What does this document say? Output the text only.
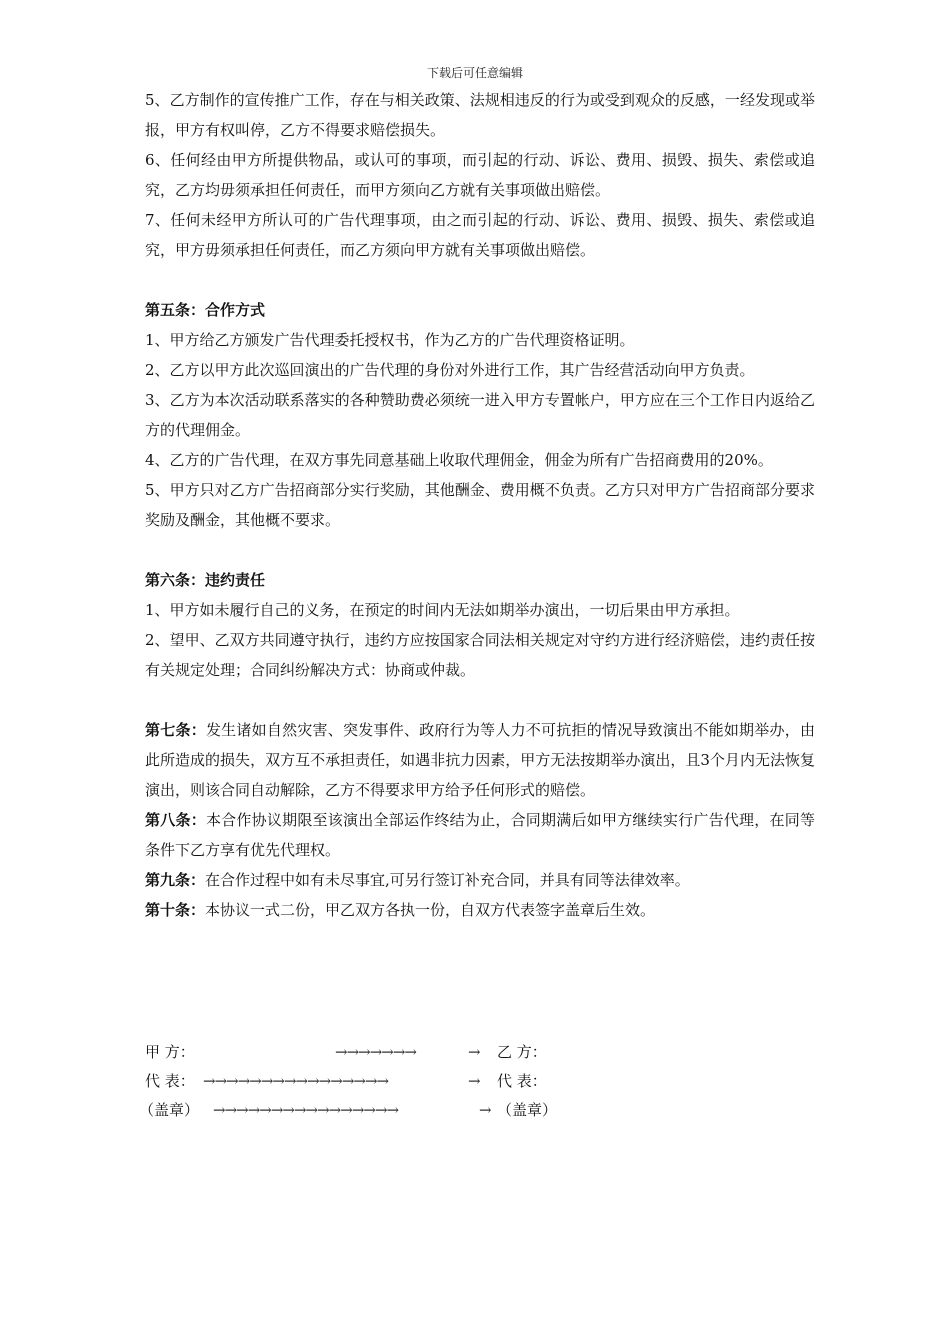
下载后可任意编辑

5、乙方制作的宣传推广工作，存在与相关政策、法规相违反的行为或受到观众的反感，一经发现或举报，甲方有权叫停，乙方不得要求赔偿损失。

6、任何经由甲方所提供物品，或认可的事项，而引起的行动、诉讼、费用、损毁、损失、索偿或追究，乙方均毋须承担任何责任，而甲方须向乙方就有关事项做出赔偿。

7、任何未经甲方所认可的广告代理事项，由之而引起的行动、诉讼、费用、损毁、损失、索偿或追究，甲方毋须承担任何责任，而乙方须向甲方就有关事项做出赔偿。

第五条：合作方式

1、甲方给乙方颁发广告代理委托授权书，作为乙方的广告代理资格证明。

2、乙方以甲方此次巡回演出的广告代理的身份对外进行工作，其广告经营活动向甲方负责。

3、乙方为本次活动联系落实的各种赞助费必须统一进入甲方专置帐户，甲方应在三个工作日内返给乙方的代理佣金。

4、乙方的广告代理，在双方事先同意基础上收取代理佣金，佣金为所有广告招商费用的20%。

5、甲方只对乙方广告招商部分实行奖励，其他酬金、费用概不负责。乙方只对甲方广告招商部分要求奖励及酬金，其他概不要求。

第六条：违约责任

1、甲方如未履行自己的义务，在预定的时间内无法如期举办演出，一切后果由甲方承担。

2、望甲、乙双方共同遵守执行，违约方应按国家合同法相关规定对守约方进行经济赔偿，违约责任按有关规定处理；合同纠纷解决方式：协商或仲裁。

第七条：发生诸如自然灾害、突发事件、政府行为等人力不可抗拒的情况导致演出不能如期举办，由此所造成的损失，双方互不承担责任，如遇非抗力因素，甲方无法按期举办演出，且3个月内无法恢复演出，则该合同自动解除，乙方不得要求甲方给予任何形式的赔偿。

第八条：本合作协议期限至该演出全部运作终结为止，合同期满后如甲方继续实行广告代理，在同等条件下乙方享有优先代理权。

第九条：在合作过程中如有未尽事宜,可另行签订补充合同，并具有同等法律效率。

第十条：本协议一式二份，甲乙双方各执一份，自双方代表签字盖章后生效。

甲 方：	→→→→→→→	→ 乙 方：
代 表： →→→→→→→→→→→→→→→→	→ 代 表：
（盖章） →→→→→→→→→→→→→→→→	→ （盖章）
